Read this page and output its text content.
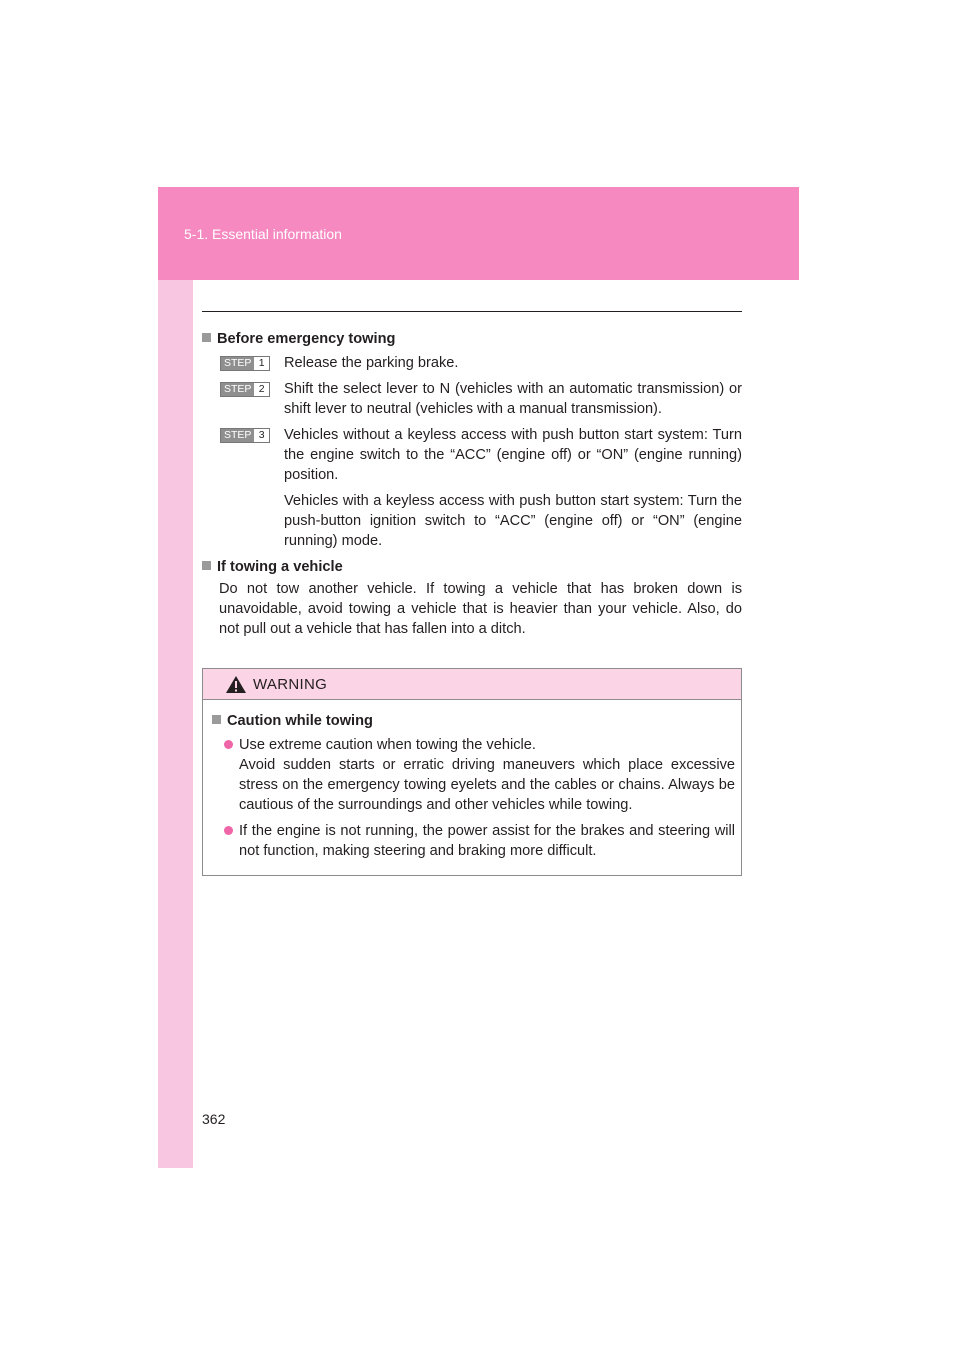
5-1. Essential information

Before emergency towing

STEP 1 Release the parking brake.

STEP 2 Shift the select lever to N (vehicles with an automatic transmission) or shift lever to neutral (vehicles with a manual transmission).

STEP 3 Vehicles without a keyless access with push button start system: Turn the engine switch to the “ACC” (engine off) or “ON” (engine running) position.

Vehicles with a keyless access with push button start system: Turn the push-button ignition switch to “ACC” (engine off) or “ON” (engine running) mode.

If towing a vehicle

Do not tow another vehicle. If towing a vehicle that has broken down is unavoidable, avoid towing a vehicle that is heavier than your vehicle. Also, do not pull out a vehicle that has fallen into a ditch.

WARNING

Caution while towing

Use extreme caution when towing the vehicle.

Avoid sudden starts or erratic driving maneuvers which place excessive stress on the emergency towing eyelets and the cables or chains. Always be cautious of the surroundings and other vehicles while towing.

If the engine is not running, the power assist for the brakes and steering will not function, making steering and braking more difficult.

362
